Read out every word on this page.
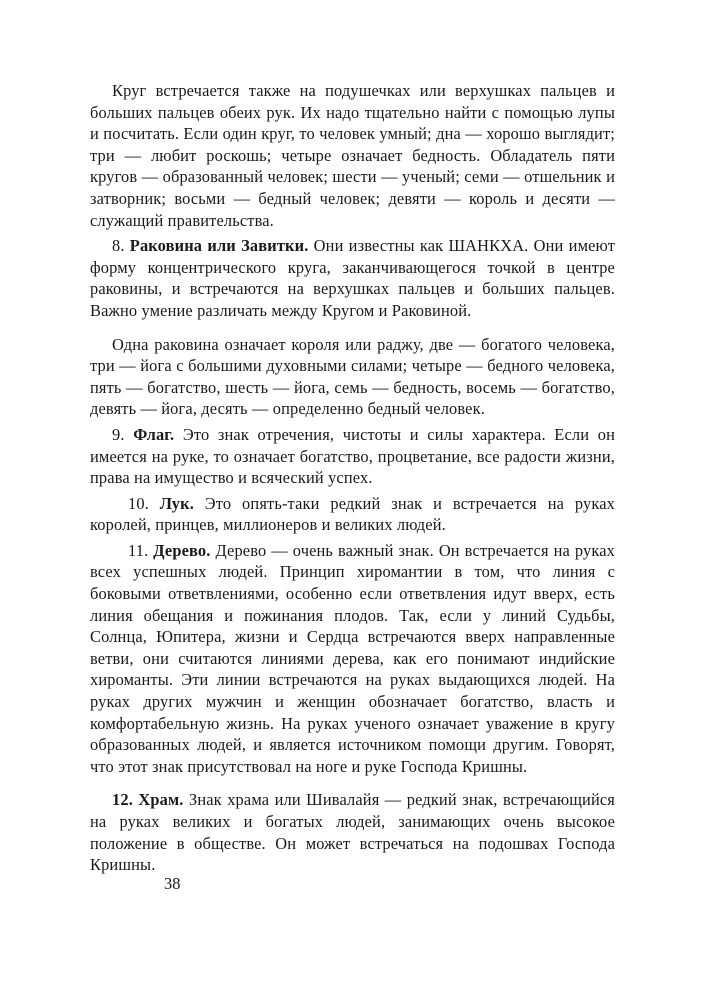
Круг встречается также на подушечках или верхушках пальцев и больших пальцев обеих рук. Их надо тщательно найти с помощью лупы и посчитать. Если один круг, то человек умный; дна — хорошо выглядит; три — любит роскошь; четыре означает бедность. Обладатель пяти кругов — образованный человек; шести — ученый; семи — отшельник и затворник; восьми — бедный человек; девяти — король и десяти — служащий правительства.

8. Раковина или Завитки. Они известны как ШАНКХА. Они имеют форму концентрического круга, заканчивающегося точкой в центре раковины, и встречаются на верхушках пальцев и больших пальцев. Важно умение различать между Кругом и Раковиной.

Одна раковина означает короля или раджу, две — богатого человека, три — йога с большими духовными силами; четыре — бедного человека, пять — богатство, шесть — йога, семь — бедность, восемь — богатство, девять — йога, десять — определенно бедный человек.

9. Флаг. Это знак отречения, чистоты и силы характера. Если он имеется на руке, то означает богатство, процветание, все радости жизни, права на имущество и всяческий успех.

10. Лук. Это опять-таки редкий знак и встречается на руках королей, принцев, миллионеров и великих людей.

11. Дерево. Дерево — очень важный знак. Он встречается на руках всех успешных людей. Принцип хиромантии в том, что линия с боковыми ответвлениями, особенно если ответвления идут вверх, есть линия обещания и пожинания плодов. Так, если у линий Судьбы, Солнца, Юпитера, жизни и Сердца встречаются вверх направленные ветви, они считаются линиями дерева, как его понимают индийские хироманты. Эти линии встречаются на руках выдающихся людей. На руках других мужчин и женщин обозначает богатство, власть и комфортабельную жизнь. На руках ученого означает уважение в кругу образованных людей, и является источником помощи другим. Говорят, что этот знак присутствовал на ноге и руке Господа Кришны.

12. Храм. Знак храма или Шивалайя — редкий знак, встречающийся на руках великих и богатых людей, занимающих очень высокое положение в обществе. Он может встречаться на подошвах Господа Кришны.

38
